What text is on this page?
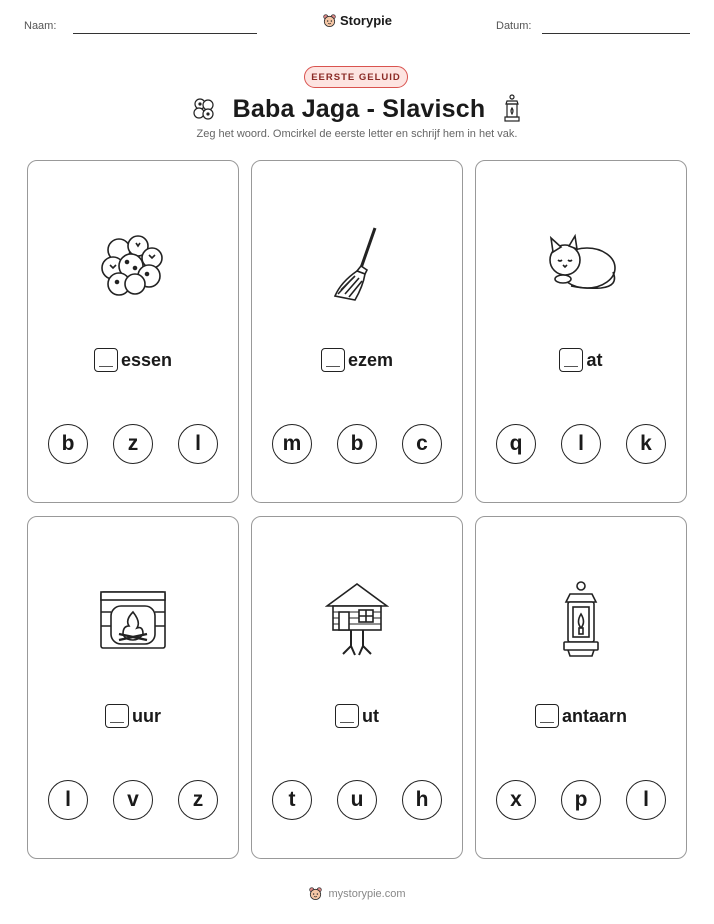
Naam:	Storypie	Datum:
EERSTE GELUID
Baba Jaga - Slavisch
Zeg het woord. Omcirkel de eerste letter en schrijf hem in het vak.
essen
b	z	l
ezem
m	b	c
at
q	l	k
uur
l	v	z
ut
t	u	h
antaarn
x	p	l
mystorypie.com
